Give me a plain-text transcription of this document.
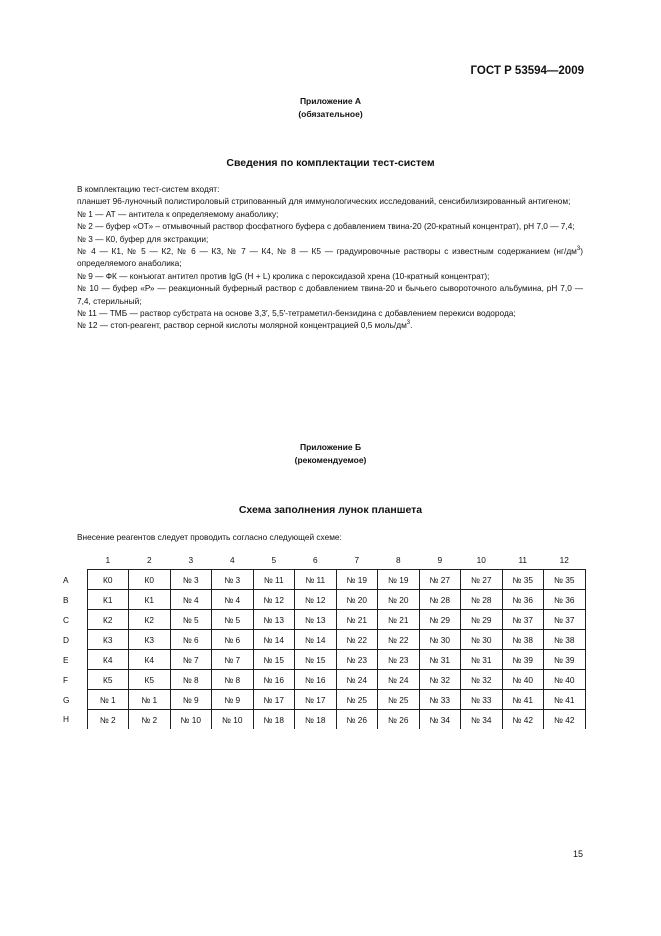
ГОСТ Р 53594—2009
Приложение А
(обязательное)
Сведения по комплектации тест-систем

В комплектацию тест-систем входят:

планшет 96-луночный полистироловый стрипованный для иммунологических исследований, сенсибилизированный антигеном;

№ 1 — АТ — антитела к определяемому анаболику;

№ 2 — буфер «ОТ» – отмывочный раствор фосфатного буфера с добавлением твина-20 (20-кратный концентрат), pH 7,0 — 7,4;

№ 3 — К0, буфер для экстракции;

№ 4 — К1, № 5 — К2, № 6 — К3, № 7 — К4, № 8 — К5 — градуировочные растворы с известным содержанием $(нг/дм^3)$ определяемого анаболика;

№ 9 — ФК — конъюгат антител против IgG (H + L) кролика с пероксидазой хрена (10-кратный концентрат);

№ 10 — буфер «Р» — реакционный буферный раствор с добавлением твина-20 и бычьего сывороточного альбумина, pH 7,0 — 7,4, стерильный;

№ 11 — ТМБ — раствор субстрата на основе 3,3′, 5,5′-тетраметил-бензидина с добавлением перекиси водорода;

№ 12 — стоп-реагент, раствор серной кислоты молярной концентрацией 0,5 моль/$дм^3$.

Приложение Б
(рекомендуемое)
Схема заполнения лунок планшета
Внесение реагентов следует проводить согласно следующей схеме:
	1	2	3	4	5	6	7	8	9	10	11	12
A	К0	К0	№ 3	№ 3	№ 11	№ 11	№ 19	№ 19	№ 27	№ 27	№ 35	№ 35
B	К1	К1	№ 4	№ 4	№ 12	№ 12	№ 20	№ 20	№ 28	№ 28	№ 36	№ 36
C	К2	К2	№ 5	№ 5	№ 13	№ 13	№ 21	№ 21	№ 29	№ 29	№ 37	№ 37
D	К3	К3	№ 6	№ 6	№ 14	№ 14	№ 22	№ 22	№ 30	№ 30	№ 38	№ 38
E	К4	К4	№ 7	№ 7	№ 15	№ 15	№ 23	№ 23	№ 31	№ 31	№ 39	№ 39
F	К5	К5	№ 8	№ 8	№ 16	№ 16	№ 24	№ 24	№ 32	№ 32	№ 40	№ 40
G	№ 1	№ 1	№ 9	№ 9	№ 17	№ 17	№ 25	№ 25	№ 33	№ 33	№ 41	№ 41
H	№ 2	№ 2	№ 10	№ 10	№ 18	№ 18	№ 26	№ 26	№ 34	№ 34	№ 42	№ 42
15
